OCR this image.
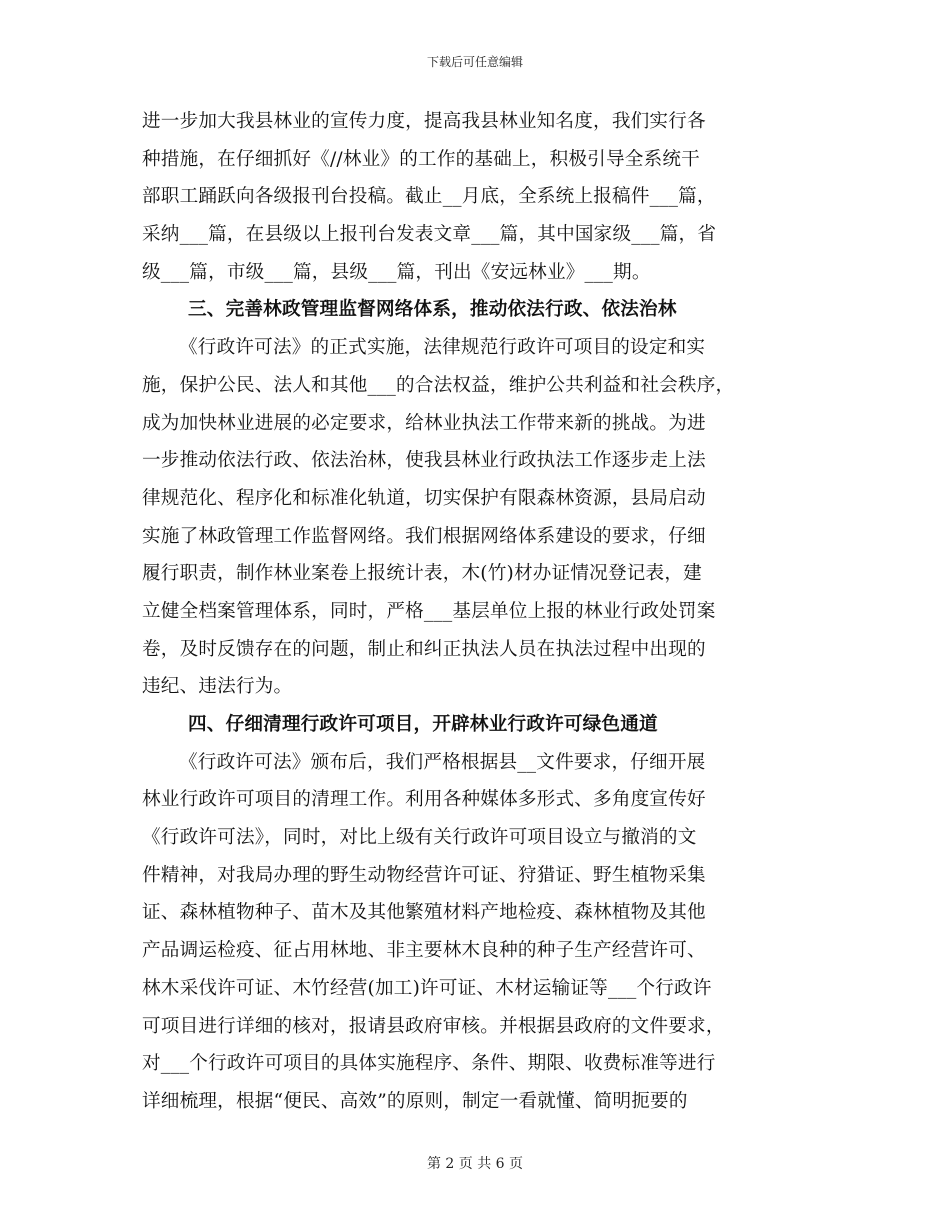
下载后可任意编辑
进一步加大我县林业的宣传力度，提高我县林业知名度，我们实行各
种措施，在仔细抓好《//林业》的工作的基础上，积极引导全系统干
部职工踊跃向各级报刊台投稿。截止__月底，全系统上报稿件___篇，
采纳___篇，在县级以上报刊台发表文章___篇，其中国家级___篇，省
级___篇，市级___篇，县级___篇，刊出《安远林业》___期。
三、完善林政管理监督网络体系，推动依法行政、依法治林
《行政许可法》的正式实施，法律规范行政许可项目的设定和实
施，保护公民、法人和其他___的合法权益，维护公共利益和社会秩序，
成为加快林业进展的必定要求，给林业执法工作带来新的挑战。为进
一步推动依法行政、依法治林，使我县林业行政执法工作逐步走上法
律规范化、程序化和标准化轨道，切实保护有限森林资源，县局启动
实施了林政管理工作监督网络。我们根据网络体系建设的要求，仔细
履行职责，制作林业案卷上报统计表，木(竹)材办证情况登记表，建
立健全档案管理体系，同时，严格___基层单位上报的林业行政处罚案
卷，及时反馈存在的问题，制止和纠正执法人员在执法过程中出现的
违纪、违法行为。
四、仔细清理行政许可项目，开辟林业行政许可绿色通道
《行政许可法》颁布后，我们严格根据县__文件要求，仔细开展
林业行政许可项目的清理工作。利用各种媒体多形式、多角度宣传好
《行政许可法》，同时，对比上级有关行政许可项目设立与撤消的文
件精神，对我局办理的野生动物经营许可证、狩猎证、野生植物采集
证、森林植物种子、苗木及其他繁殖材料产地检疫、森林植物及其他
产品调运检疫、征占用林地、非主要林木良种的种子生产经营许可、
林木采伐许可证、木竹经营(加工)许可证、木材运输证等___个行政许
可项目进行详细的核对，报请县政府审核。并根据县政府的文件要求，
对___个行政许可项目的具体实施程序、条件、期限、收费标准等进行
详细梳理，根据“便民、高效”的原则，制定一看就懂、简明扼要的
第 2 页 共 6 页
